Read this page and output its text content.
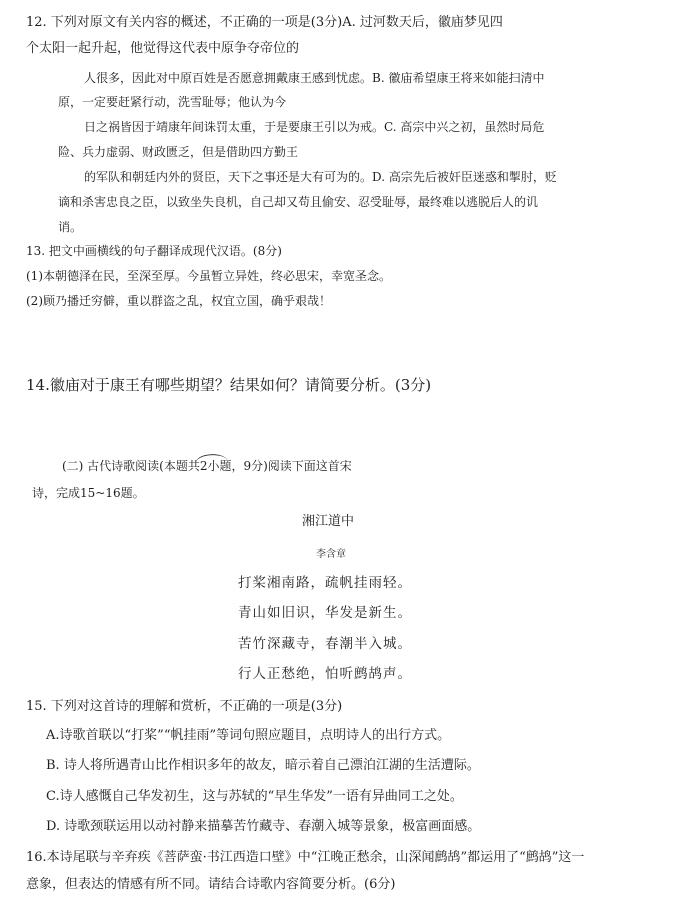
12. 下列对原文有关内容的概述，不正确的一项是(3分)A. 过河数天后，徽庙梦见四
个太阳一起升起，他觉得这代表中原争夺帝位的
人很多，因此对中原百姓是否愿意拥戴康王感到忧虑。B. 徽庙希望康王将来如能扫清中
原，一定要赶紧行动，洗雪耻辱；他认为今
日之祸皆因于靖康年间诛罚太重，于是要康王引以为戒。C. 高宗中兴之初，虽然时局危
险、兵力虚弱、财政匮乏，但是借助四方勤王
的军队和朝廷内外的贤臣，天下之事还是大有可为的。D. 高宗先后被奸臣迷惑和掣肘，贬
谪和杀害忠良之臣，以致坐失良机，自己却又苟且偷安、忍受耻辱，最终难以逃脱后人的讥
诮。
13. 把文中画横线的句子翻译成现代汉语。(8分)
(1)本朝德泽在民，至深至厚。今虽暂立异姓，终必思宋，幸宽圣念。
(2)顾乃播迁穷僻，重以群盗之乱，权宜立国，确乎艰哉！
14.徽庙对于康王有哪些期望？结果如何？请简要分析。(3分)
(二) 古代诗歌阅读(本题共2小题，9分)阅读下面这首宋
诗，完成15~16题。
湘江道中
李含章
打桨湘南路，疏帆挂雨轻。
青山如旧识，华发是新生。
苦竹深藏寺，春潮半入城。
行人正愁绝，怕听鹧鸪声。
15. 下列对这首诗的理解和赏析，不正确的一项是(3分)
A.诗歌首联以“打桨”“帆挂雨”等词句照应题目，点明诗人的出行方式。
B. 诗人将所遇青山比作相识多年的故友，暗示着自己漂泊江湖的生活遭际。
C.诗人感慨自己华发初生，这与苏轼的“早生华发”一语有异曲同工之处。
D. 诗歌颈联运用以动衬静来描摹苦竹藏寺、春潮入城等景象，极富画面感。
16.本诗尾联与辛弃疾《菩萨蛮·书江西造口壁》中“江晚正愁余，山深闻鹧鸪”都运用了“鹧鸪”这一
意象，但表达的情感有所不同。请结合诗歌内容简要分析。(6分)
